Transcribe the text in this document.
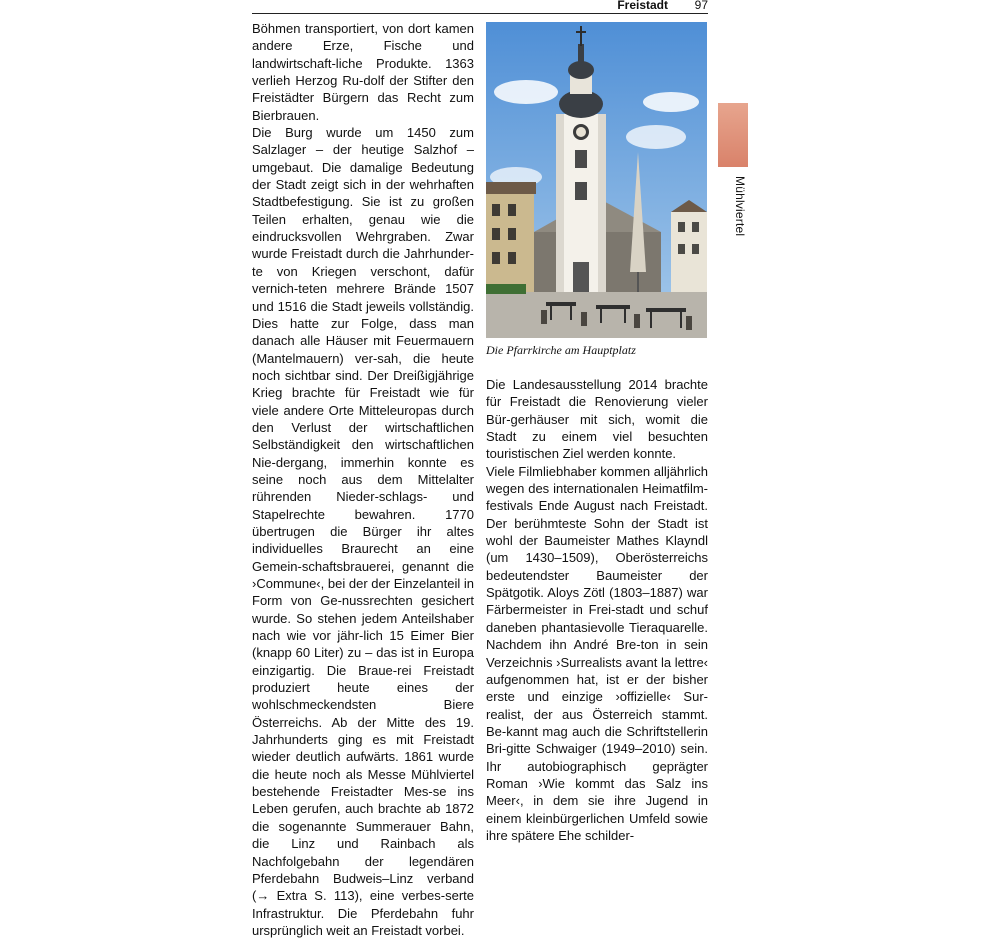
Freistadt	97

Böhmen transportiert, von dort kamen andere Erze, Fische und landwirtschaft-liche Produkte. 1363 verlieh Herzog Ru-dolf der Stifter den Freistädter Bürgern das Recht zum Bierbrauen.

Die Burg wurde um 1450 zum Salzlager – der heutige Salzhof – umgebaut. Die damalige Bedeutung der Stadt zeigt sich in der wehrhaften Stadtbefestigung. Sie ist zu großen Teilen erhalten, genau wie die eindrucksvollen Wehrgraben. Zwar wurde Freistadt durch die Jahrhunder-te von Kriegen verschont, dafür vernich-teten mehrere Brände 1507 und 1516 die Stadt jeweils vollständig. Dies hatte zur Folge, dass man danach alle Häuser mit Feuermauern (Mantelmauern) ver-sah, die heute noch sichtbar sind. Der Dreißigjährige Krieg brachte für Freistadt wie für viele andere Orte Mitteleuropas durch den Verlust der wirtschaftlichen Selbständigkeit den wirtschaftlichen Nie-dergang, immerhin konnte es seine noch aus dem Mittelalter rührenden Nieder-schlags- und Stapelrechte bewahren. 1770 übertrugen die Bürger ihr altes individuelles Braurecht an eine Gemein-schaftsbrauerei, genannt die ›Commune‹, bei der der Einzelanteil in Form von Ge-nussrechten gesichert wurde. So stehen jedem Anteilshaber nach wie vor jähr-lich 15 Eimer Bier (knapp 60 Liter) zu – das ist in Europa einzigartig. Die Braue-rei Freistadt produziert heute eines der wohlschmeckendsten Biere Österreichs. Ab der Mitte des 19. Jahrhunderts ging es mit Freistadt wieder deutlich aufwärts. 1861 wurde die heute noch als Messe Mühlviertel bestehende Freistadter Mes-se ins Leben gerufen, auch brachte ab 1872 die sogenannte Summerauer Bahn, die Linz und Rainbach als Nachfolgebahn der legendären Pferdebahn Budweis–Linz verband (→ Extra S. 113), eine verbes-serte Infrastruktur. Die Pferdebahn fuhr ursprünglich weit an Freistadt vorbei.

Die Pfarrkirche am Hauptplatz
Mühlviertel

Die Landesausstellung 2014 brachte für Freistadt die Renovierung vieler Bür-gerhäuser mit sich, womit die Stadt zu einem viel besuchten touristischen Ziel werden konnte.

Viele Filmliebhaber kommen alljährlich wegen des internationalen Heimatfilm-festivals Ende August nach Freistadt. Der berühmteste Sohn der Stadt ist wohl der Baumeister Mathes Klayndl (um 1430–1509), Oberösterreichs bedeutendster Baumeister der Spätgotik. Aloys Zötl (1803–1887) war Färbermeister in Frei-stadt und schuf daneben phantasievolle Tieraquarelle. Nachdem ihn André Bre-ton in sein Verzeichnis ›Surrealists avant la lettre‹ aufgenommen hat, ist er der bisher erste und einzige ›offizielle‹ Sur-realist, der aus Österreich stammt. Be-kannt mag auch die Schriftstellerin Bri-gitte Schwaiger (1949–2010) sein. Ihr autobiographisch geprägter Roman ›Wie kommt das Salz ins Meer‹, in dem sie ihre Jugend in einem kleinbürgerlichen Umfeld sowie ihre spätere Ehe schilder-
